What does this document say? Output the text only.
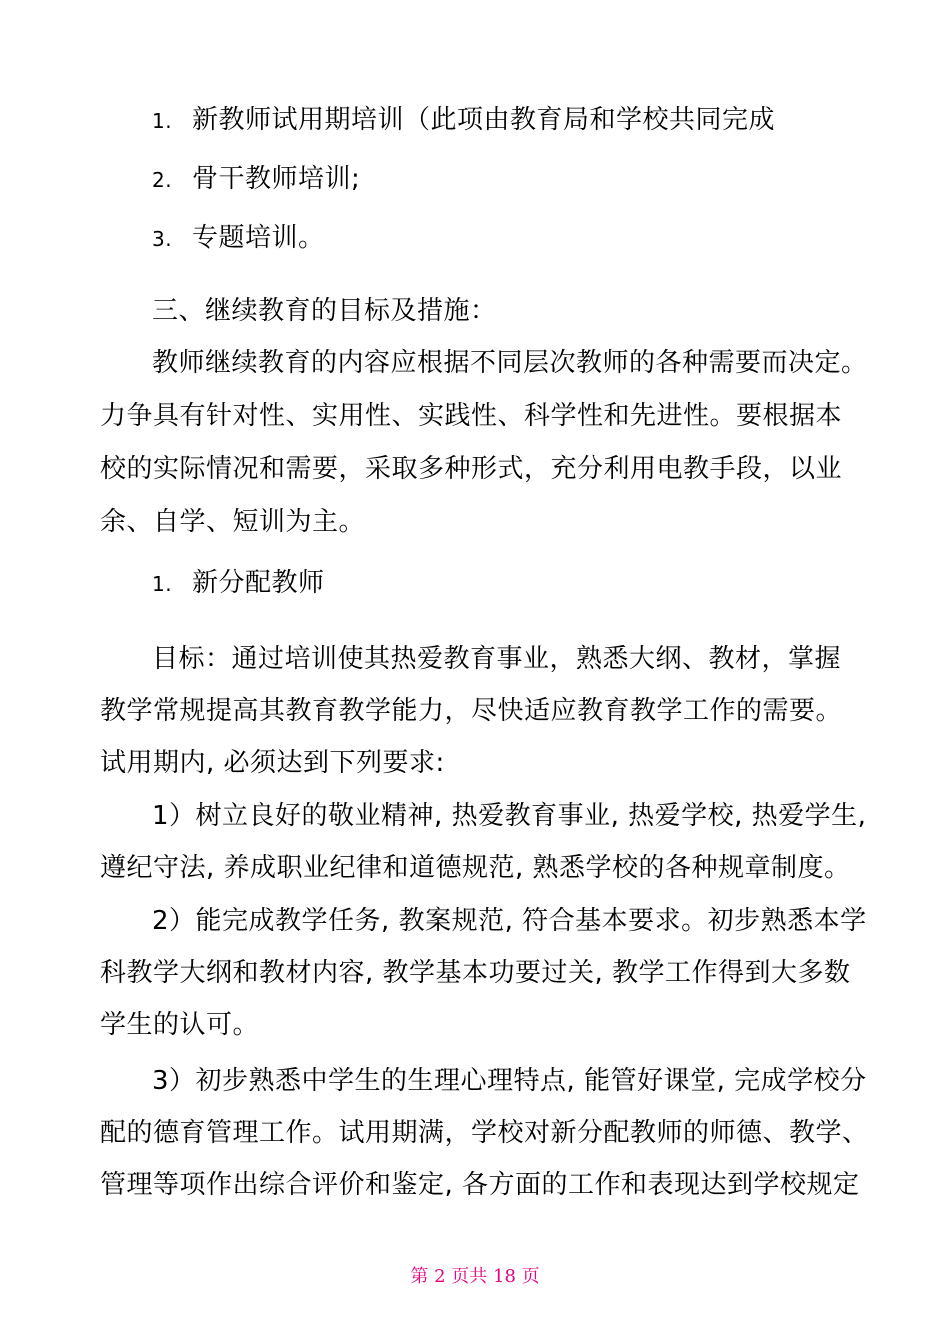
1. 新教师试用期培训（此项由教育局和学校共同完成
2. 骨干教师培训;
3. 专题培训。
三、继续教育的目标及措施：
教师继续教育的内容应根据不同层次教师的各种需要而决定。
力争具有针对性、实用性、实践性、科学性和先进性。要根据本
校的实际情况和需要，采取多种形式，充分利用电教手段，以业
余、自学、短训为主。
1. 新分配教师
目标：通过培训使其热爱教育事业，熟悉大纲、教材，掌握
教学常规提高其教育教学能力，尽快适应教育教学工作的需要。
试用期内, 必须达到下列要求:
1）树立良好的敬业精神, 热爱教育事业, 热爱学校, 热爱学生,
遵纪守法, 养成职业纪律和道德规范, 熟悉学校的各种规章制度。
2）能完成教学任务, 教案规范, 符合基本要求。初步熟悉本学
科教学大纲和教材内容, 教学基本功要过关, 教学工作得到大多数
学生的认可。
3）初步熟悉中学生的生理心理特点, 能管好课堂, 完成学校分
配的德育管理工作。试用期满，学校对新分配教师的师德、教学、
管理等项作出综合评价和鉴定, 各方面的工作和表现达到学校规定
第 2 页共 18 页
